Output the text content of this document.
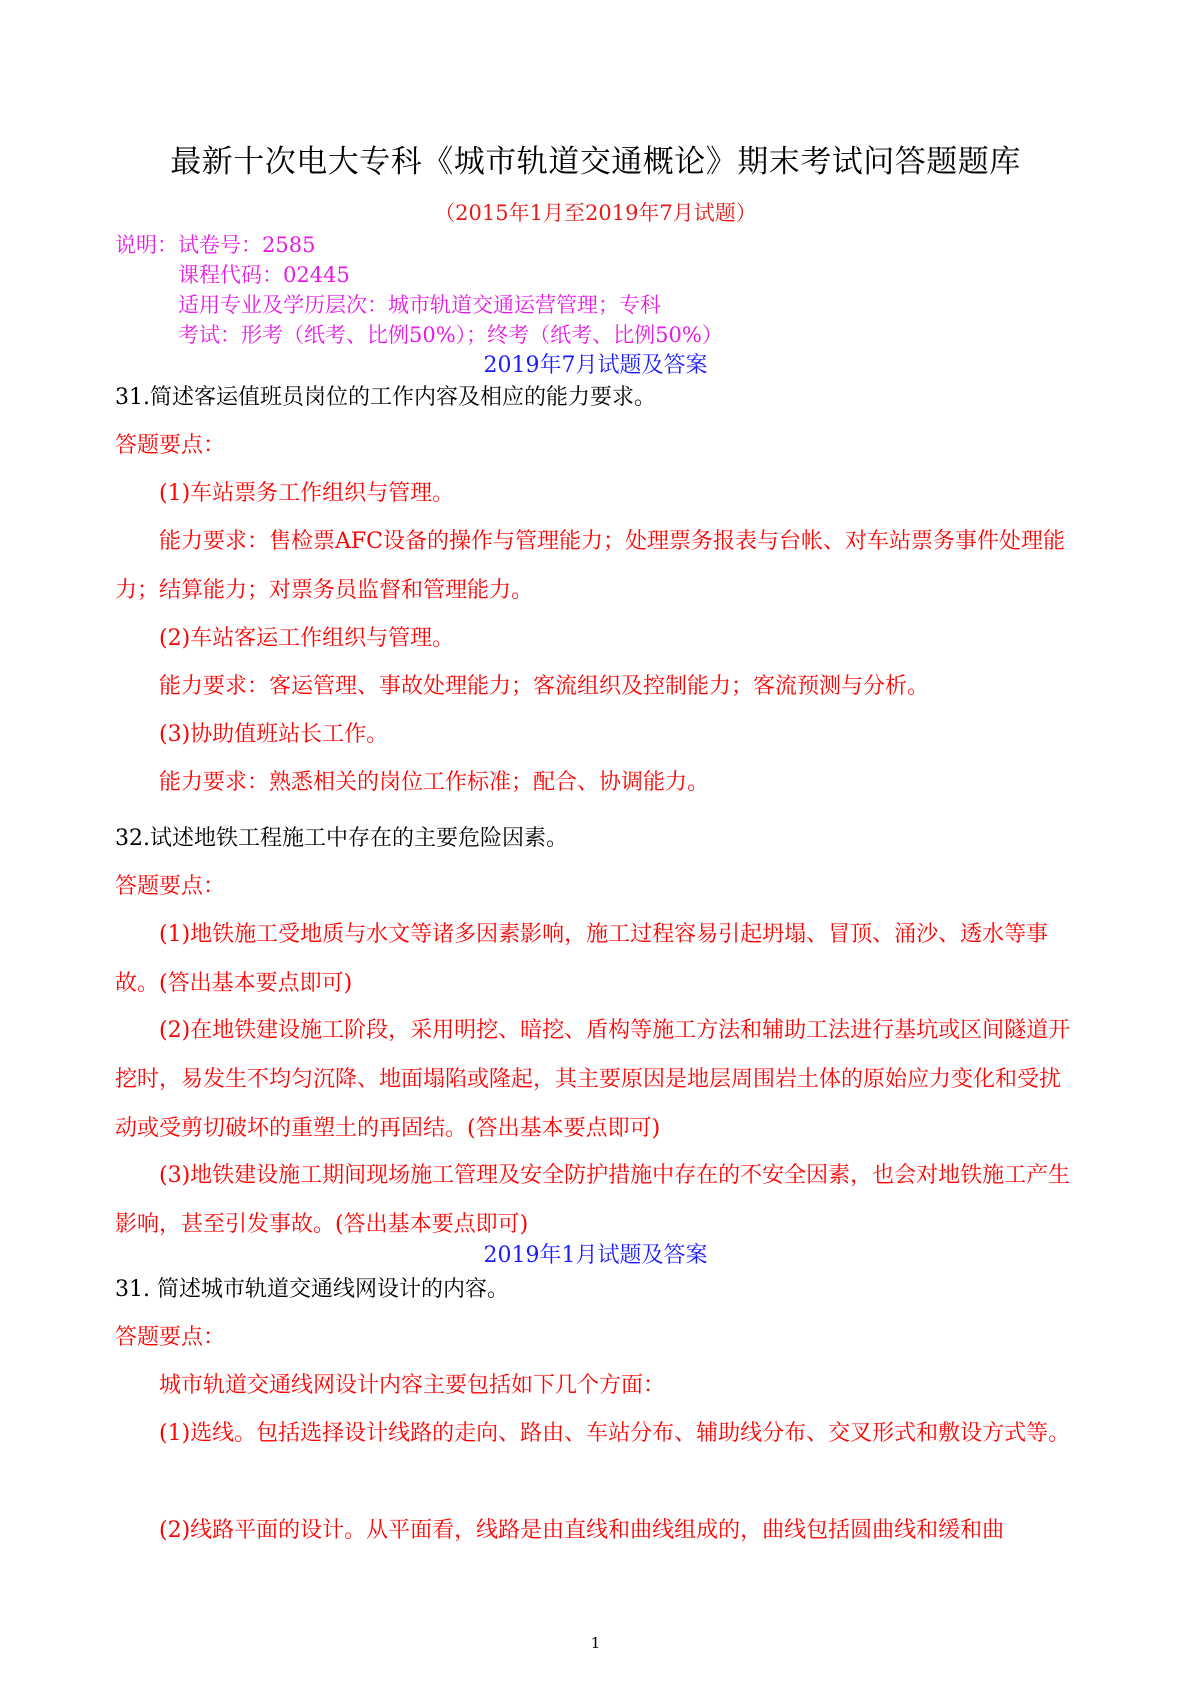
最新十次电大专科《城市轨道交通概论》期末考试问答题题库
（2015年1月至2019年7月试题）
说明：试卷号：2585
课程代码：02445
适用专业及学历层次：城市轨道交通运营管理；专科
考试：形考（纸考、比例50%）；终考（纸考、比例50%）
2019年7月试题及答案
31.简述客运值班员岗位的工作内容及相应的能力要求。
答题要点：
(1)车站票务工作组织与管理。
能力要求：售检票AFC设备的操作与管理能力；处理票务报表与台帐、对车站票务事件处理能力；结算能力；对票务员监督和管理能力。
(2)车站客运工作组织与管理。
能力要求：客运管理、事故处理能力；客流组织及控制能力；客流预测与分析。
(3)协助值班站长工作。
能力要求：熟悉相关的岗位工作标准；配合、协调能力。
32.试述地铁工程施工中存在的主要危险因素。
答题要点：
(1)地铁施工受地质与水文等诸多因素影响，施工过程容易引起坍塌、冒顶、涌沙、透水等事故。(答出基本要点即可)
(2)在地铁建设施工阶段，采用明挖、暗挖、盾构等施工方法和辅助工法进行基坑或区间隧道开挖时，易发生不均匀沉降、地面塌陷或隆起，其主要原因是地层周围岩土体的原始应力变化和受扰动或受剪切破坏的重塑土的再固结。(答出基本要点即可)
(3)地铁建设施工期间现场施工管理及安全防护措施中存在的不安全因素，也会对地铁施工产生影响，甚至引发事故。(答出基本要点即可)
2019年1月试题及答案
31. 简述城市轨道交通线网设计的内容。
答题要点：
城市轨道交通线网设计内容主要包括如下几个方面：
(1)选线。包括选择设计线路的走向、路由、车站分布、辅助线分布、交叉形式和敷设方式等。
(2)线路平面的设计。从平面看，线路是由直线和曲线组成的，曲线包括圆曲线和缓和曲
1
